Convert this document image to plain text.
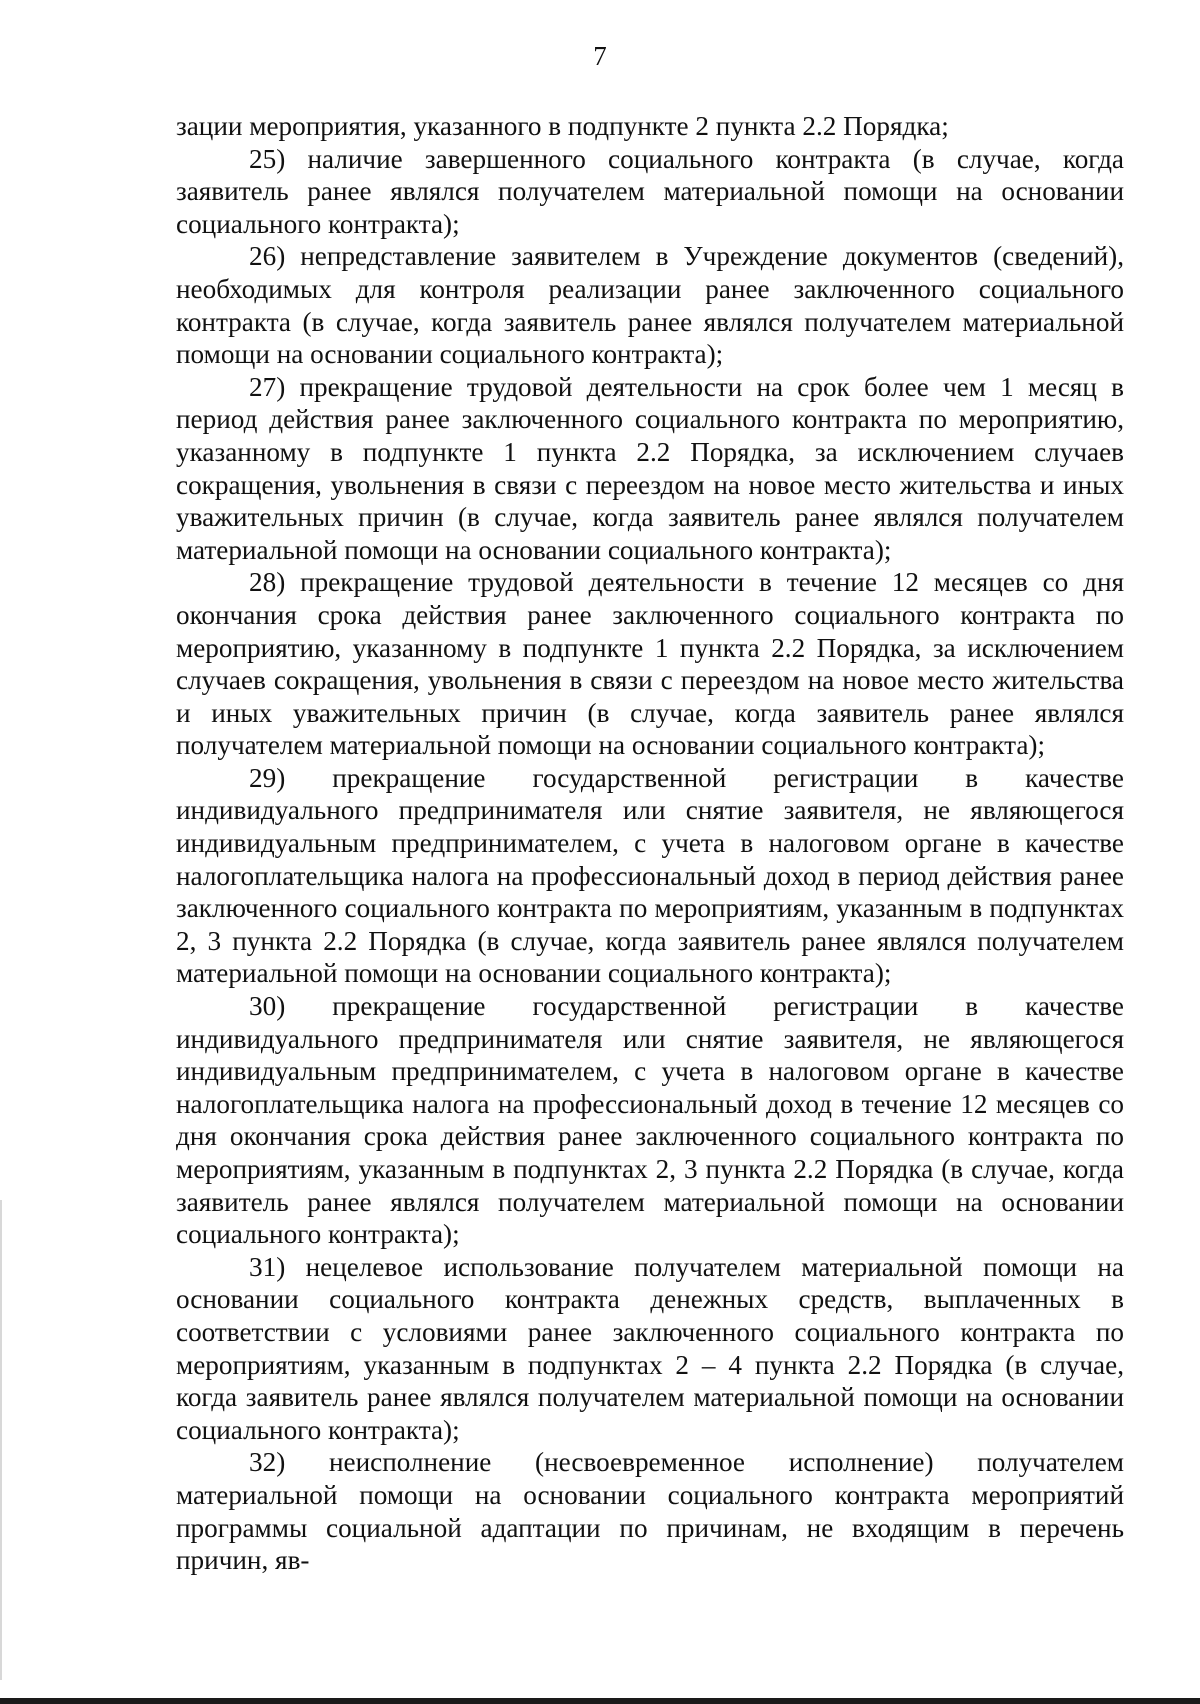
7

зации мероприятия, указанного в подпункте 2 пункта 2.2 Порядка;

25) наличие завершенного социального контракта (в случае, когда заявитель ранее являлся получателем материальной помощи на основании социального контракта);

26) непредставление заявителем в Учреждение документов (сведений), необходимых для контроля реализации ранее заключенного социального контракта (в случае, когда заявитель ранее являлся получателем материальной помощи на основании социального контракта);

27) прекращение трудовой деятельности на срок более чем 1 месяц в период действия ранее заключенного социального контракта по мероприятию, указанному в подпункте 1 пункта 2.2 Порядка, за исключением случаев сокращения, увольнения в связи с переездом на новое место жительства и иных уважительных причин (в случае, когда заявитель ранее являлся получателем материальной помощи на основании социального контракта);

28) прекращение трудовой деятельности в течение 12 месяцев со дня окончания срока действия ранее заключенного социального контракта по мероприятию, указанному в подпункте 1 пункта 2.2 Порядка, за исключением случаев сокращения, увольнения в связи с переездом на новое место жительства и иных уважительных причин (в случае, когда заявитель ранее являлся получателем материальной помощи на основании социального контракта);

29) прекращение государственной регистрации в качестве индивидуального предпринимателя или снятие заявителя, не являющегося индивидуальным предпринимателем, с учета в налоговом органе в качестве налогоплательщика налога на профессиональный доход в период действия ранее заключенного социального контракта по мероприятиям, указанным в подпунктах 2, 3 пункта 2.2 Порядка (в случае, когда заявитель ранее являлся получателем материальной помощи на основании социального контракта);

30) прекращение государственной регистрации в качестве индивидуального предпринимателя или снятие заявителя, не являющегося индивидуальным предпринимателем, с учета в налоговом органе в качестве налогоплательщика налога на профессиональный доход в течение 12 месяцев со дня окончания срока действия ранее заключенного социального контракта по мероприятиям, указанным в подпунктах 2, 3 пункта 2.2 Порядка (в случае, когда заявитель ранее являлся получателем материальной помощи на основании социального контракта);

31) нецелевое использование получателем материальной помощи на основании социального контракта денежных средств, выплаченных в соответствии с условиями ранее заключенного социального контракта по мероприятиям, указанным в подпунктах 2 – 4 пункта 2.2 Порядка (в случае, когда заявитель ранее являлся получателем материальной помощи на основании социального контракта);

32) неисполнение (несвоевременное исполнение) получателем материальной помощи на основании социального контракта мероприятий программы социальной адаптации по причинам, не входящим в перечень причин, яв-
